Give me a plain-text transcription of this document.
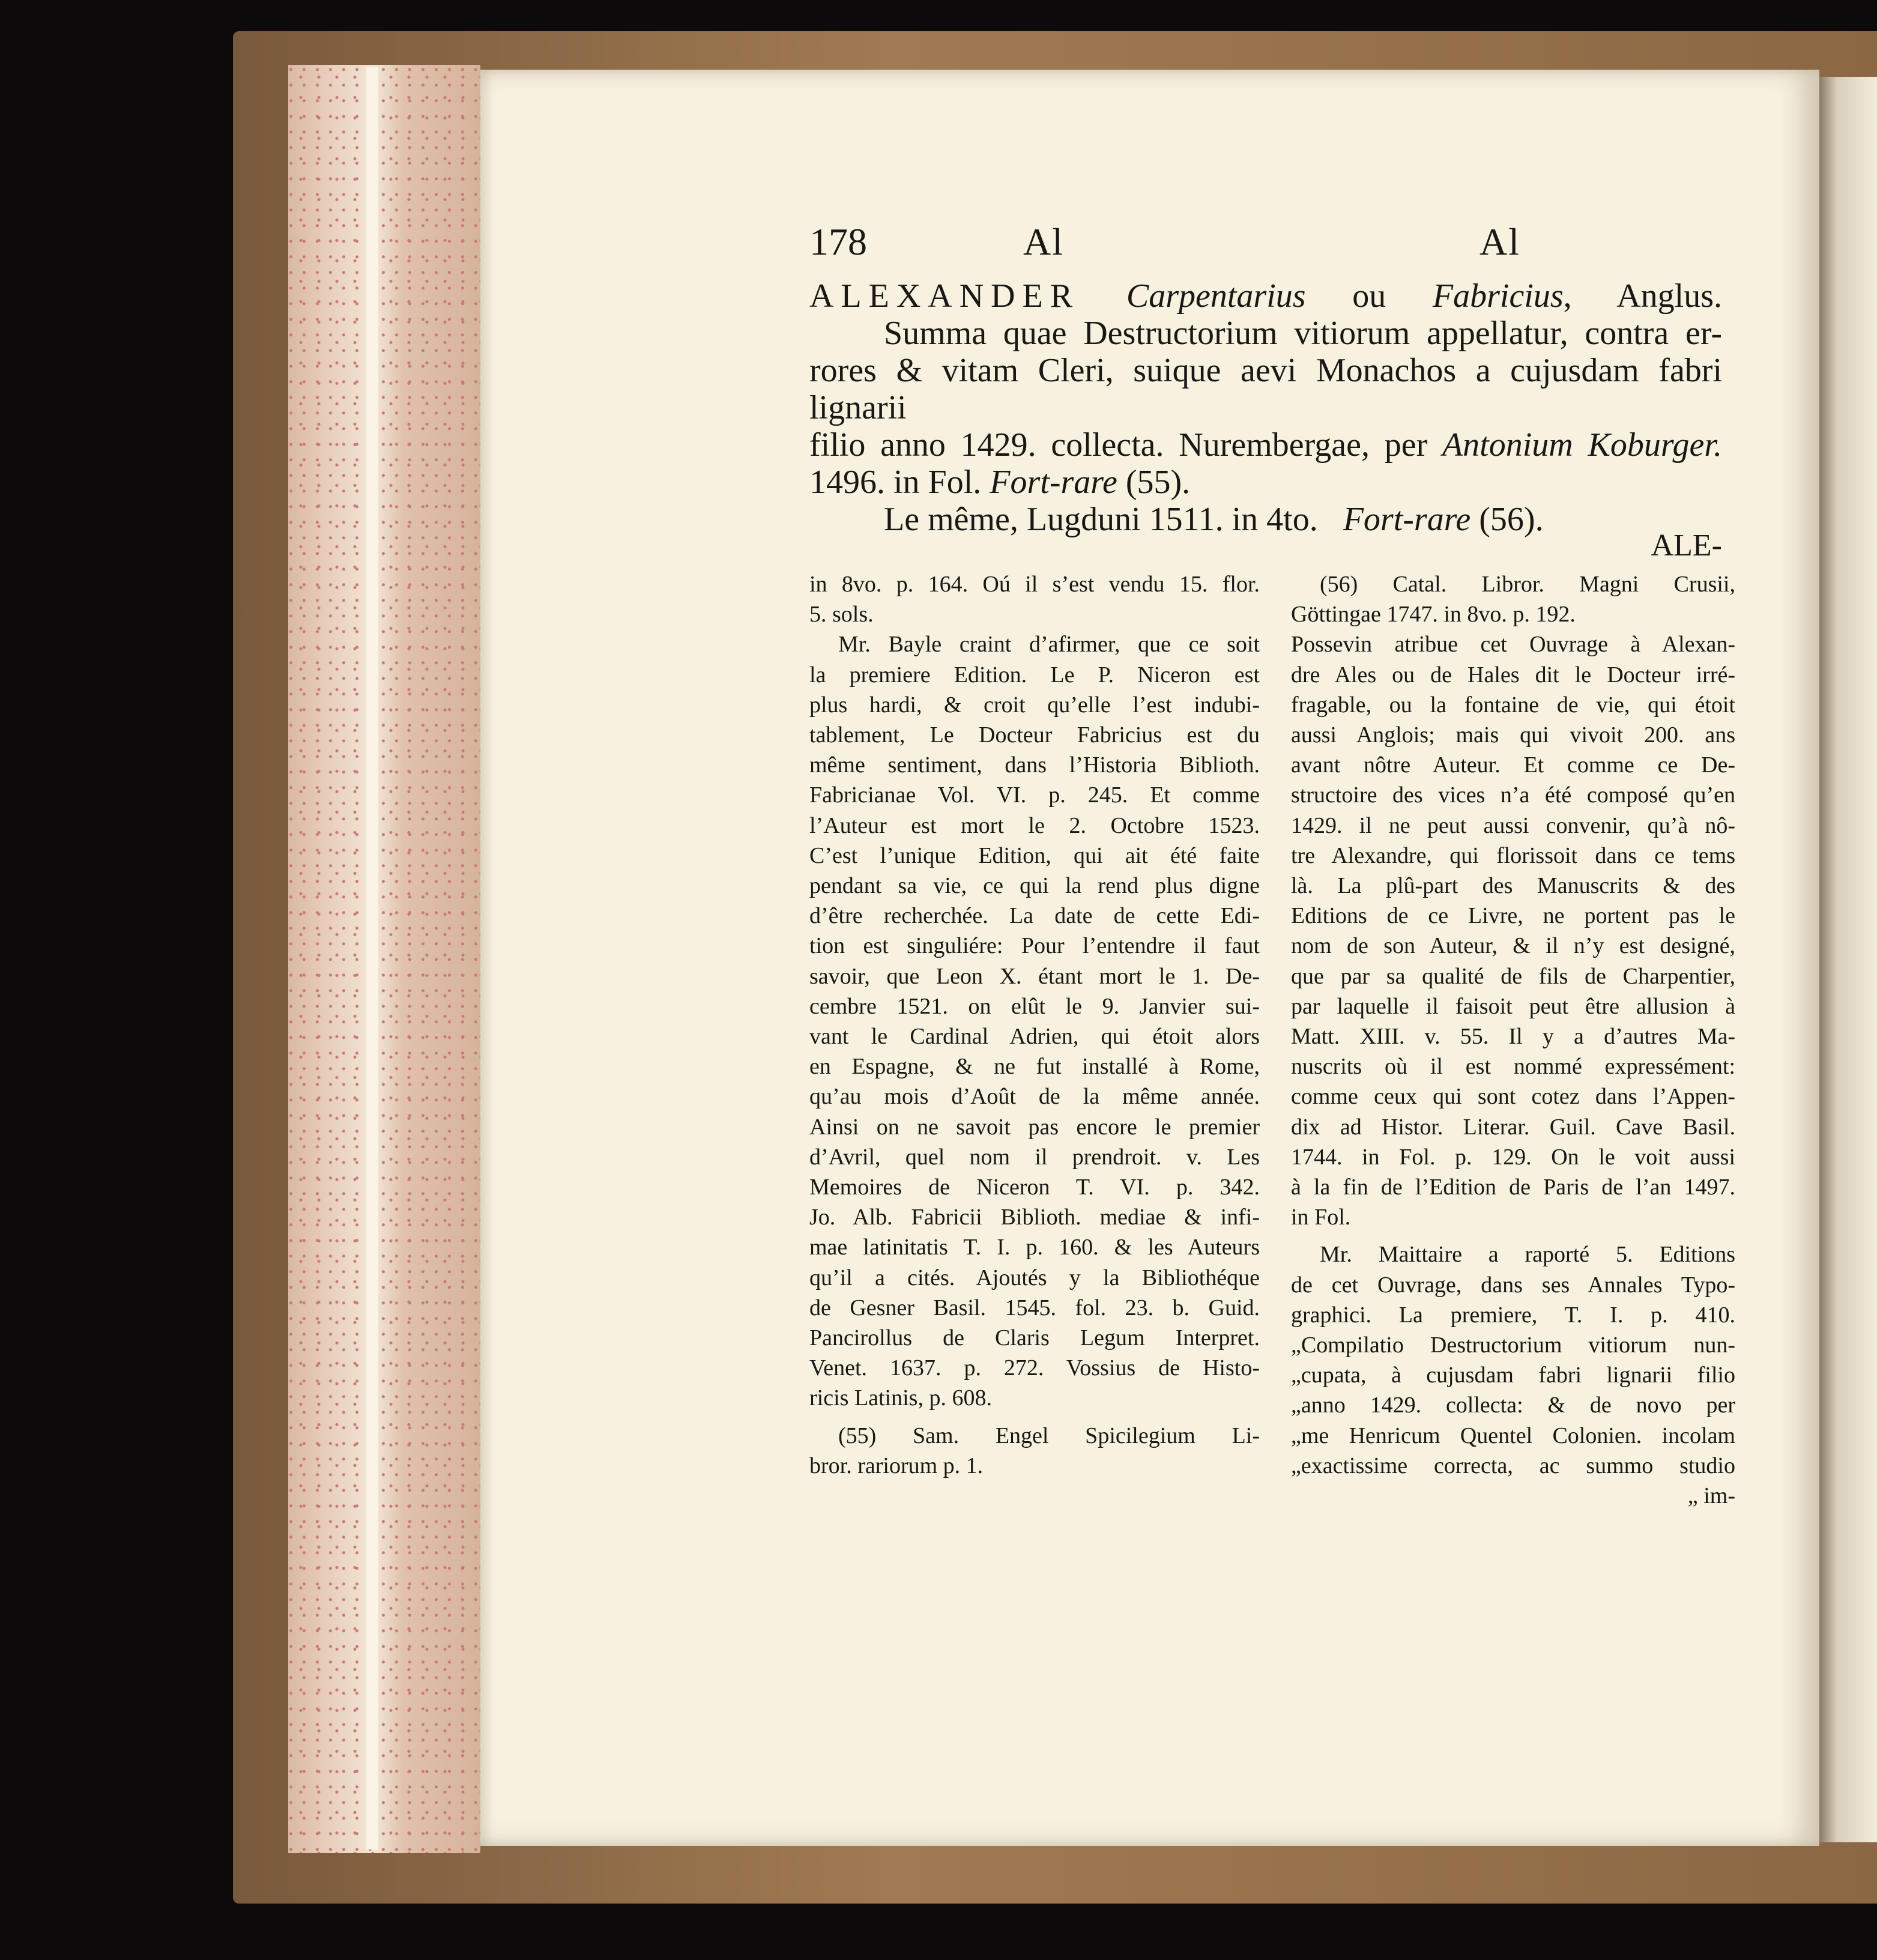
178	Al	Al

ALEXANDER Carpentarius ou Fabricius, Anglus.

Summa quae Destructorium vitiorum appellatur, contra er-

rores & vitam Cleri, suique aevi Monachos a cujusdam fabri lignarii

filio anno 1429. collecta. Nurembergae, per Antonium Koburger.

1496. in Fol. Fort-rare (55).

Le même, Lugduni 1511. in 4to. Fort-rare (56).

ALE-

in 8vo. p. 164. Oú il s’est vendu 15. flor.

5. sols.

Mr. Bayle craint d’afirmer, que ce soit

la premiere Edition. Le P. Niceron est

plus hardi, & croit qu’elle l’est indubi-

tablement, Le Docteur Fabricius est du

même sentiment, dans l’Historia Biblioth.

Fabricianae Vol. VI. p. 245. Et comme

l’Auteur est mort le 2. Octobre 1523.

C’est l’unique Edition, qui ait été faite

pendant sa vie, ce qui la rend plus digne

d’être recherchée. La date de cette Edi-

tion est singuliére: Pour l’entendre il faut

savoir, que Leon X. étant mort le 1. De-

cembre 1521. on elût le 9. Janvier sui-

vant le Cardinal Adrien, qui étoit alors

en Espagne, & ne fut installé à Rome,

qu’au mois d’Août de la même année.

Ainsi on ne savoit pas encore le premier

d’Avril, quel nom il prendroit. v. Les

Memoires de Niceron T. VI. p. 342.

Jo. Alb. Fabricii Biblioth. mediae & infi-

mae latinitatis T. I. p. 160. & les Auteurs

qu’il a cités. Ajoutés y la Bibliothéque

de Gesner Basil. 1545. fol. 23. b. Guid.

Pancirollus de Claris Legum Interpret.

Venet. 1637. p. 272. Vossius de Histo-

ricis Latinis, p. 608.

(55) Sam. Engel Spicilegium Li-

bror. rariorum p. 1.

(56) Catal. Libror. Magni Crusii,

Göttingae 1747. in 8vo. p. 192.

Possevin atribue cet Ouvrage à Alexan-

dre Ales ou de Hales dit le Docteur irré-

fragable, ou la fontaine de vie, qui étoit

aussi Anglois; mais qui vivoit 200. ans

avant nôtre Auteur. Et comme ce De-

structoire des vices n’a été composé qu’en

1429. il ne peut aussi convenir, qu’à nô-

tre Alexandre, qui florissoit dans ce tems

là. La plû-part des Manuscrits & des

Editions de ce Livre, ne portent pas le

nom de son Auteur, & il n’y est designé,

que par sa qualité de fils de Charpentier,

par laquelle il faisoit peut être allusion à

Matt. XIII. v. 55. Il y a d’autres Ma-

nuscrits où il est nommé expressément:

comme ceux qui sont cotez dans l’Appen-

dix ad Histor. Literar. Guil. Cave Basil.

1744. in Fol. p. 129. On le voit aussi

à la fin de l’Edition de Paris de l’an 1497.

in Fol.

Mr. Maittaire a raporté 5. Editions

de cet Ouvrage, dans ses Annales Typo-

graphici. La premiere, T. I. p. 410.

„Compilatio Destructorium vitiorum nun-

„cupata, à cujusdam fabri lignarii filio

„anno 1429. collecta: & de novo per

„me Henricum Quentel Colonien. incolam

„exactissime correcta, ac summo studio

„ im-
